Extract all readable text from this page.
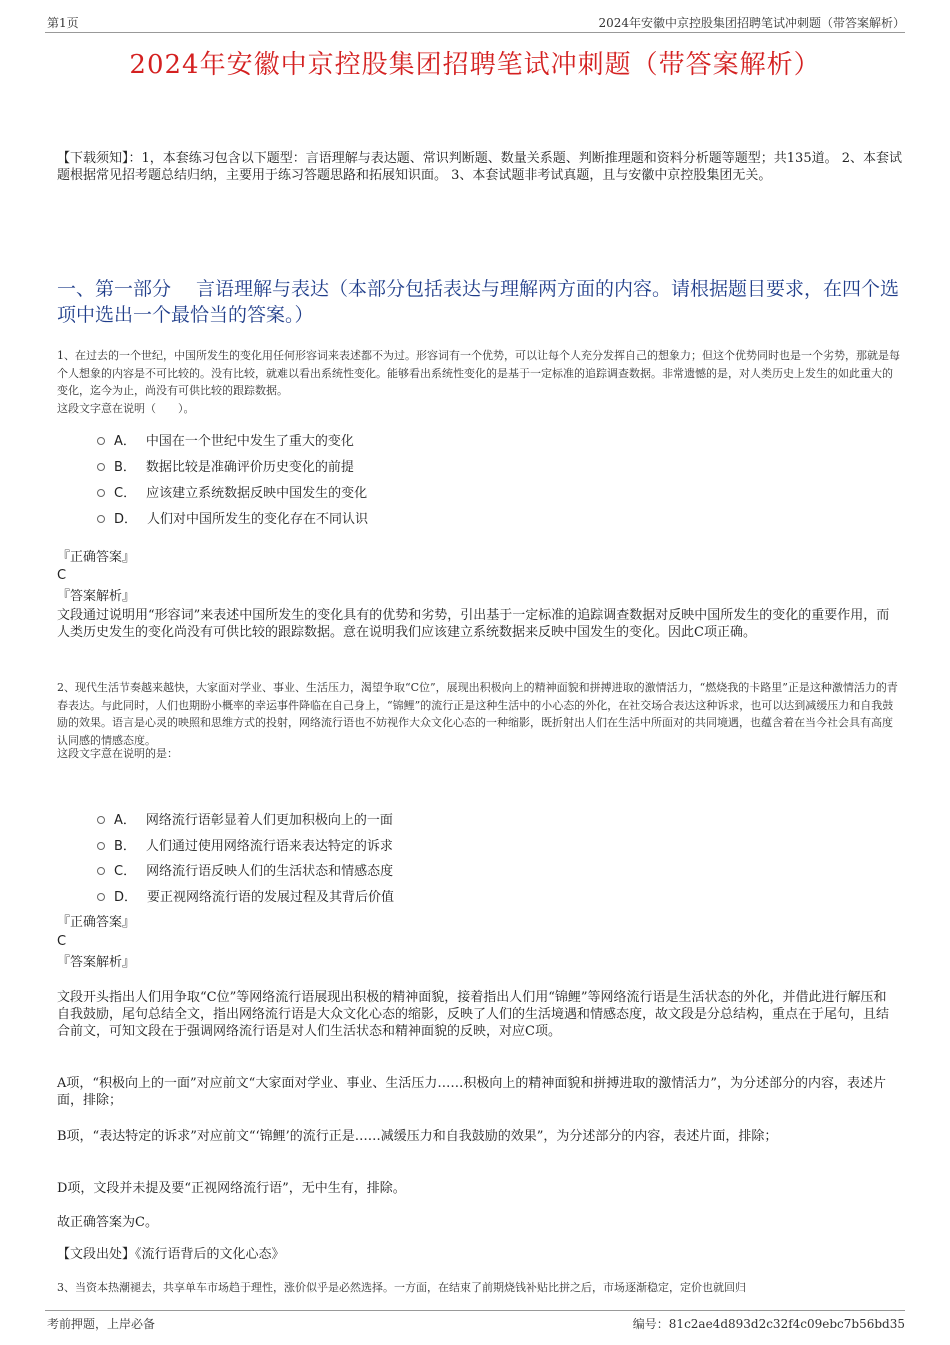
第1页	2024年安徽中京控股集团招聘笔试冲刺题（带答案解析）
2024年安徽中京控股集团招聘笔试冲刺题（带答案解析）
【下载须知】：1，本套练习包含以下题型：言语理解与表达题、常识判断题、数量关系题、判断推理题和资料分析题等题型；共135道。 2、本套试题根据常见招考题总结归纳，主要用于练习答题思路和拓展知识面。 3、本套试题非考试真题，且与安徽中京控股集团无关。
一、第一部分　 言语理解与表达（本部分包括表达与理解两方面的内容。请根据题目要求，在四个选项中选出一个最恰当的答案。）
1、在过去的一个世纪，中国所发生的变化用任何形容词来表述都不为过。形容词有一个优势，可以让每个人充分发挥自己的想象力；但这个优势同时也是一个劣势，那就是每个人想象的内容是不可比较的。没有比较，就难以看出系统性变化。能够看出系统性变化的是基于一定标准的追踪调查数据。非常遗憾的是，对人类历史上发生的如此重大的变化，迄今为止，尚没有可供比较的跟踪数据。
这段文字意在说明（　　）。
A． 中国在一个世纪中发生了重大的变化
B． 数据比较是准确评价历史变化的前提
C． 应该建立系统数据反映中国发生的变化
D． 人们对中国所发生的变化存在不同认识
『正确答案』
C
『答案解析』
文段通过说明用“形容词”来表述中国所发生的变化具有的优势和劣势，引出基于一定标准的追踪调查数据对反映中国所发生的变化的重要作用，而人类历史发生的变化尚没有可供比较的跟踪数据。意在说明我们应该建立系统数据来反映中国发生的变化。因此C项正确。
2、现代生活节奏越来越快，大家面对学业、事业、生活压力，渴望争取“C位”，展现出积极向上的精神面貌和拼搏进取的激情活力，“燃烧我的卡路里”正是这种激情活力的青春表达。与此同时，人们也期盼小概率的幸运事件降临在自己身上，“锦鲤”的流行正是这种生活中的小心态的外化，在社交场合表达这种诉求，也可以达到减缓压力和自我鼓励的效果。语言是心灵的映照和思维方式的投射，网络流行语也不妨视作大众文化心态的一种缩影，既折射出人们在生活中所面对的共同境遇，也蕴含着在当今社会具有高度认同感的情感态度。
这段文字意在说明的是：
A． 网络流行语彰显着人们更加积极向上的一面
B． 人们通过使用网络流行语来表达特定的诉求
C． 网络流行语反映人们的生活状态和情感态度
D． 要正视网络流行语的发展过程及其背后价值
『正确答案』
C
『答案解析』
文段开头指出人们用争取“C位”等网络流行语展现出积极的精神面貌，接着指出人们用“锦鲤”等网络流行语是生活状态的外化，并借此进行解压和自我鼓励，尾句总结全文，指出网络流行语是大众文化心态的缩影，反映了人们的生活境遇和情感态度，故文段是分总结构，重点在于尾句，且结合前文，可知文段在于强调网络流行语是对人们生活状态和精神面貌的反映，对应C项。
A项，“积极向上的一面”对应前文“大家面对学业、事业、生活压力……积极向上的精神面貌和拼搏进取的激情活力”，为分述部分的内容，表述片面，排除；
B项，“表达特定的诉求”对应前文“‘锦鲤’的流行正是……减缓压力和自我鼓励的效果”，为分述部分的内容，表述片面，排除；
D项，文段并未提及要“正视网络流行语”，无中生有，排除。
故正确答案为C。
【文段出处】《流行语背后的文化心态》
3、当资本热潮褪去，共享单车市场趋于理性，涨价似乎是必然选择。一方面，在结束了前期烧钱补贴比拼之后，市场逐渐稳定，定价也就回归
考前押题，上岸必备	编号：81c2ae4d893d2c32f4c09ebc7b56bd35
